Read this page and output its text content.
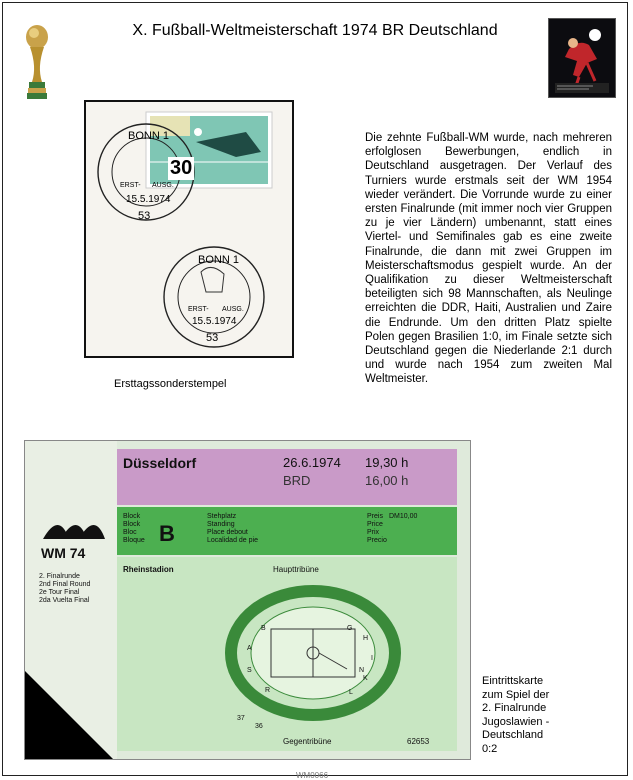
X. Fußball-Weltmeisterschaft 1974 BR Deutschland
30
BONN 1
ERST- AUSG.
15.5.1974
53
BONN 1
ERST- AUSG.
15.5.1974
53
Ersttagssonderstempel
Die zehnte Fußball-WM wurde, nach mehreren erfolglosen Bewerbungen, endlich in Deutschland ausgetragen. Der Verlauf des Turniers wurde erstmals seit der WM 1954 wieder verändert. Die Vorrunde wurde zu einer ersten Finalrunde (mit immer noch vier Gruppen zu je vier Ländern) umbenannt, statt eines Viertel- und Semifinales gab es eine zweite Finalrunde, die dann mit zwei Gruppen im Meisterschaftsmodus gespielt wurde. An der Qualifikation zu dieser Weltmeisterschaft beteiligten sich 98 Mannschaften, als Neulinge erreichten die DDR, Haiti, Australien und Zaire die Endrunde. Um den dritten Platz spielte Polen gegen Brasilien 1:0, im Finale setzte sich Deutschland gegen die Niederlande 2:1 durch und wurde nach 1954 zum zweiten Mal Weltmeister.
Düsseldorf	26.6.1974 19,30 h
BRD	16,00 h
WM 74
2. Finalrunde
2nd Final Round
2e Tour Final
2da Vuelta Final
Block
Block
Bloc
Bloque B
Stehplatz
Standing
Place debout
Localidad de pie
Preis DM10,00
Price
Prix
Precio
Rheinstadion	Haupttribüne
B
A
S
R
G
H
I
K
L
37
36
N
Gegentribüne	62653
Eintrittskarte
zum Spiel der
2. Finalrunde
Jugoslawien -
Deutschland
0:2
WM0066
